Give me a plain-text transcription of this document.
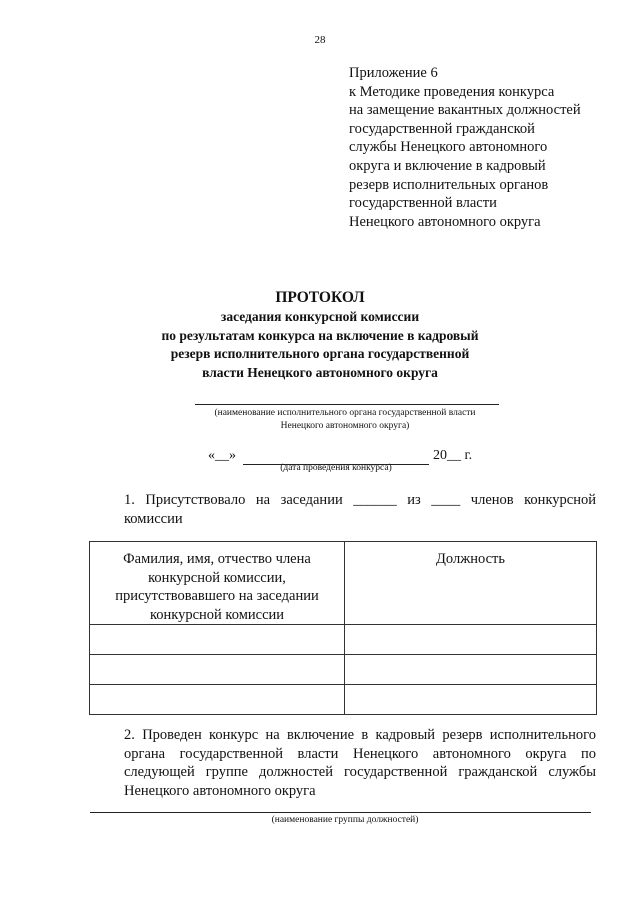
28
Приложение 6
к Методике проведения конкурса
на замещение вакантных должностей
государственной гражданской
службы Ненецкого автономного
округа и включение в кадровый
резерв исполнительных органов
государственной власти
Ненецкого автономного округа
ПРОТОКОЛ
заседания конкурсной комиссии
по результатам конкурса на включение в кадровый
резерв исполнительного органа государственной
власти Ненецкого автономного округа
(наименование исполнительного органа государственной власти
Ненецкого автономного округа)
«__»	20__ г.
(дата проведения конкурса)
1. Присутствовало на заседании ______ из ____ членов конкурсной комиссии
Фамилия, имя, отчество члена конкурсной комиссии, присутствовавшего на заседании конкурсной комиссии	Должность

2. Проведен конкурс на включение в кадровый резерв исполнительного органа государственной власти Ненецкого автономного округа по следующей группе должностей государственной гражданской службы Ненецкого автономного округа
(наименование группы должностей)
